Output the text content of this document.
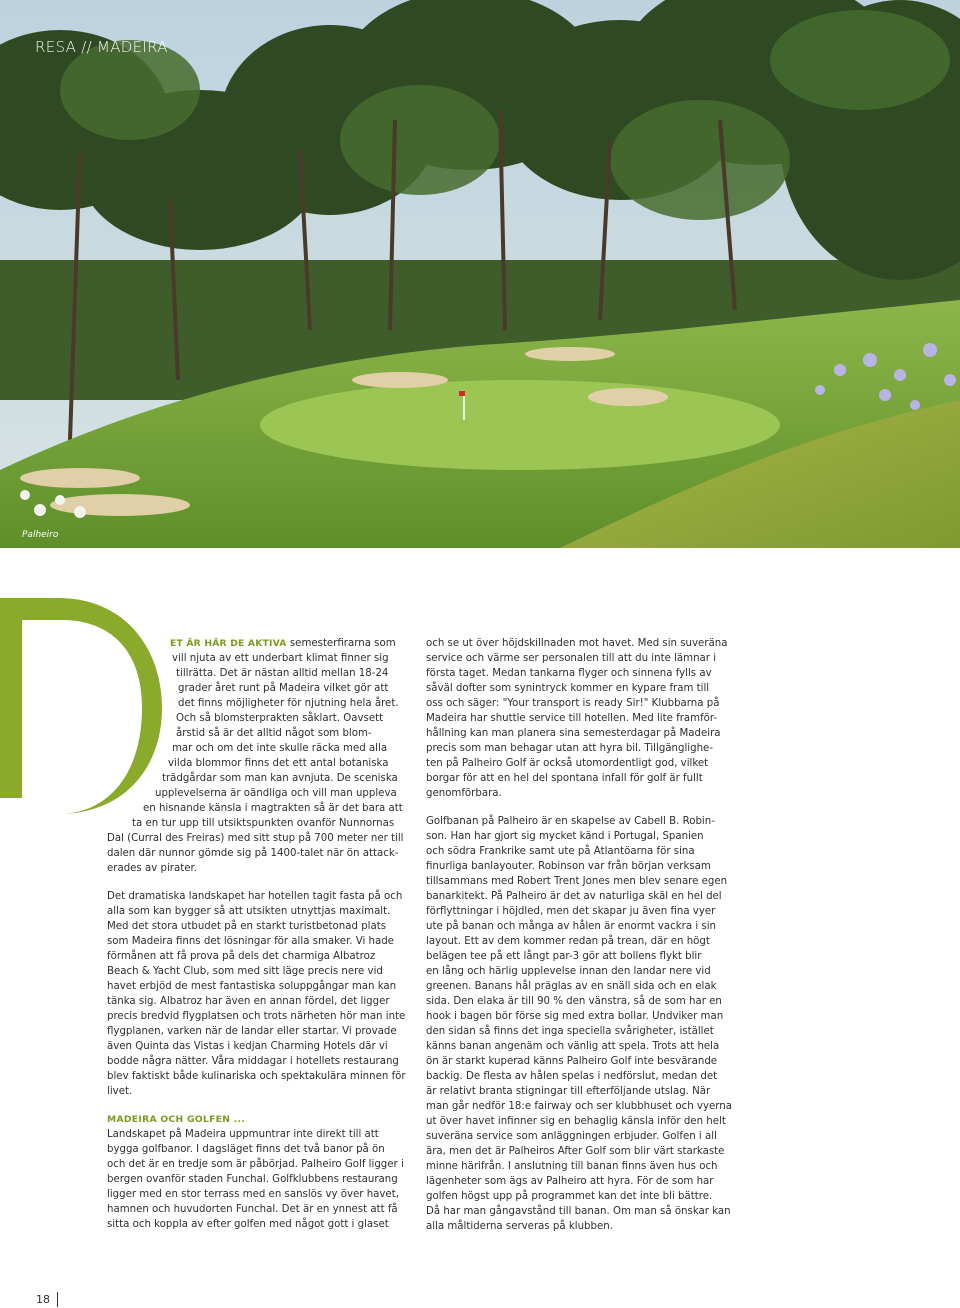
RESA // MADEIRA
Palheiro
ET ÄR HÄR DE AKTIVA semesterfirarna som
vill njuta av ett underbart klimat finner sig
tillrätta. Det är nästan alltid mellan 18-24
grader året runt på Madeira vilket gör att
det finns möjligheter för njutning hela året.
Och så blomsterprakten såklart. Oavsett
årstid så är det alltid något som blom-
mar och om det inte skulle räcka med alla
vilda blommor finns det ett antal botaniska
trädgårdar som man kan avnjuta. De sceniska
upplevelserna är oändliga och vill man uppleva
en hisnande känsla i magtrakten så är det bara att
ta en tur upp till utsiktspunkten ovanför Nunnornas
Dal (Curral des Freiras) med sitt stup på 700 meter ner till
dalen där nunnor gömde sig på 1400-talet när ön attack-
erades av pirater.
Det dramatiska landskapet har hotellen tagit fasta på och
alla som kan bygger så att utsikten utnyttjas maximalt.
Med det stora utbudet på en starkt turistbetonad plats
som Madeira finns det lösningar för alla smaker. Vi hade
förmånen att få prova på dels det charmiga Albatroz
Beach & Yacht Club, som med sitt läge precis nere vid
havet erbjöd de mest fantastiska soluppgångar man kan
tänka sig. Albatroz har även en annan fördel, det ligger
precis bredvid flygplatsen och trots närheten hör man inte
flygplanen, varken när de landar eller startar. Vi provade
även Quinta das Vistas i kedjan Charming Hotels där vi
bodde några nätter. Våra middagar i hotellets restaurang
blev faktiskt både kulinariska och spektakulära minnen för
livet.
MADEIRA OCH GOLFEN ...
Landskapet på Madeira uppmuntrar inte direkt till att
bygga golfbanor. I dagsläget finns det två banor på ön
och det är en tredje som är påbörjad. Palheiro Golf ligger i
bergen ovanför staden Funchal. Golfklubbens restaurang
ligger med en stor terrass med en sanslös vy över havet,
hamnen och huvudorten Funchal. Det är en ynnest att få
sitta och koppla av efter golfen med något gott i glaset
och se ut över höjdskillnaden mot havet. Med sin suveräna
service och värme ser personalen till att du inte lämnar i
första taget. Medan tankarna flyger och sinnena fylls av
såväl dofter som synintryck kommer en kypare fram till
oss och säger: "Your transport is ready Sir!" Klubbarna på
Madeira har shuttle service till hotellen. Med lite framför-
hållning kan man planera sina semesterdagar på Madeira
precis som man behagar utan att hyra bil. Tillgänglighe-
ten på Palheiro Golf är också utomordentligt god, vilket
borgar för att en hel del spontana infall för golf är fullt
genomförbara.
Golfbanan på Palheiro är en skapelse av Cabell B. Robin-
son. Han har gjort sig mycket känd i Portugal, Spanien
och södra Frankrike samt ute på Atlantöarna för sina
finurliga banlayouter. Robinson var från början verksam
tillsammans med Robert Trent Jones men blev senare egen
banarkitekt. På Palheiro är det av naturliga skäl en hel del
förflyttningar i höjdled, men det skapar ju även fina vyer
ute på banan och många av hålen är enormt vackra i sin
layout. Ett av dem kommer redan på trean, där en högt
belägen tee på ett långt par-3 gör att bollens flykt blir
en lång och härlig upplevelse innan den landar nere vid
greenen. Banans hål präglas av en snäll sida och en elak
sida. Den elaka är till 90 % den vänstra, så de som har en
hook i bagen bör förse sig med extra bollar. Undviker man
den sidan så finns det inga speciella svårigheter, istället
känns banan angenäm och vänlig att spela. Trots att hela
ön är starkt kuperad känns Palheiro Golf inte besvärande
backig. De flesta av hålen spelas i nedförslut, medan det
är relativt branta stigningar till efterföljande utslag. När
man går nedför 18:e fairway och ser klubbhuset och vyerna
ut över havet infinner sig en behaglig känsla inför den helt
suveräna service som anläggningen erbjuder. Golfen i all
ära, men det är Palheiros After Golf som blir värt starkaste
minne härifrån. I anslutning till banan finns även hus och
lägenheter som ägs av Palheiro att hyra. För de som har
golfen högst upp på programmet kan det inte bli bättre.
Då har man gångavstånd till banan. Om man så önskar kan
alla måltiderna serveras på klubben.
18
